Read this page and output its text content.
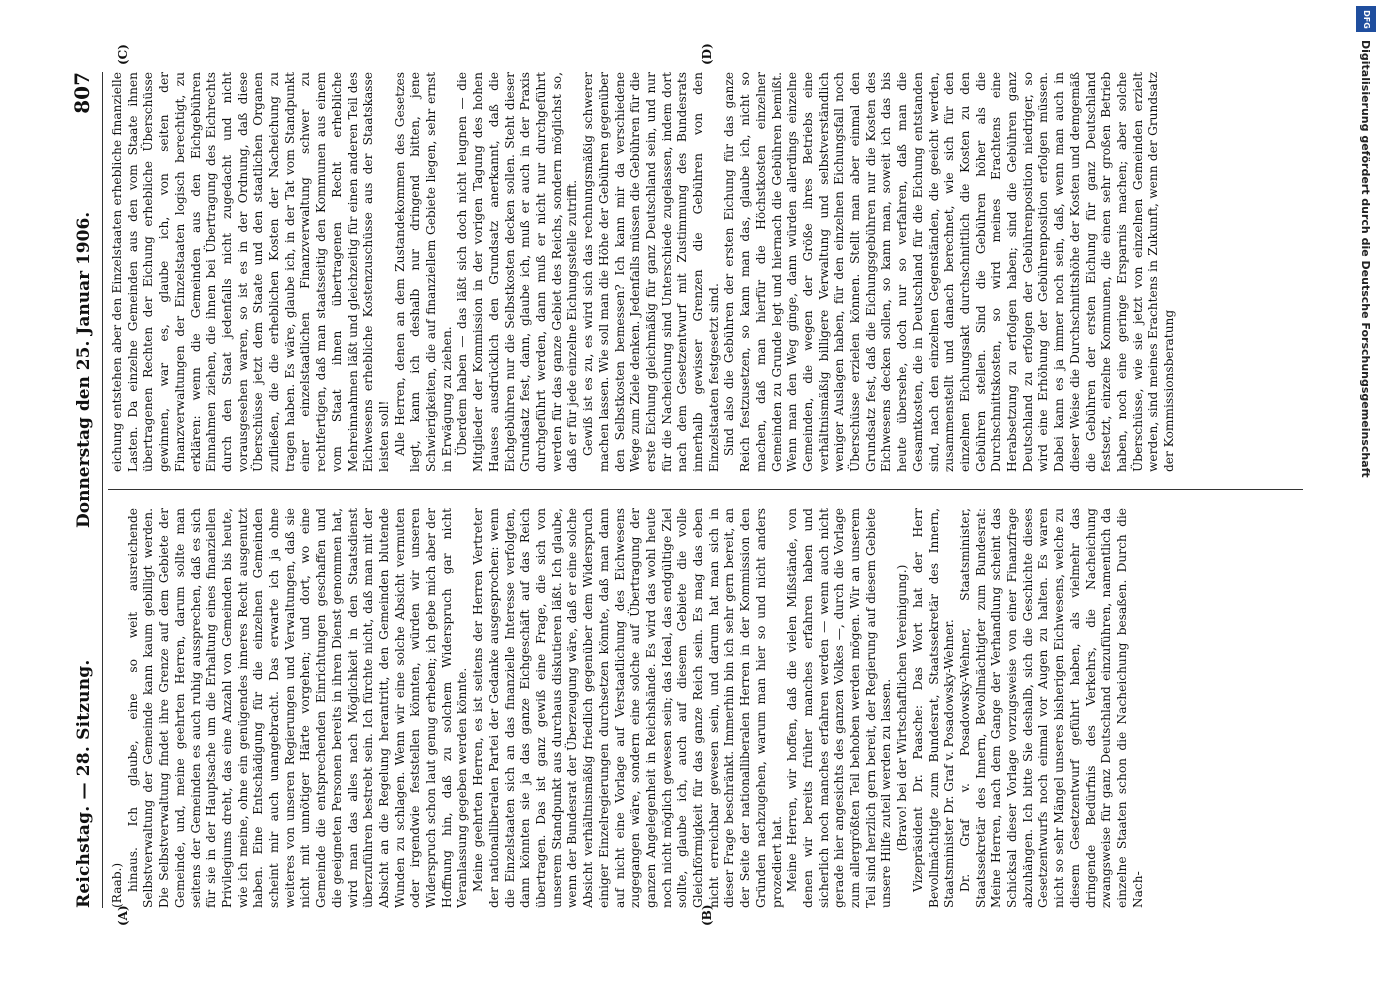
Reichstag. — 28. Sitzung.
Donnerstag den 25. Januar 1906.
807
(A)	(B)
(C)	(D)

(Raab.) hinaus. Ich glaube, eine so weit ausreichende Selbstverwaltung der Gemeinde kann kaum gebilligt werden. Die Selbstverwaltung findet ihre Grenze auf dem Gebiete der Gemeinde, und, meine geehrten Herren, darum sollte man seitens der Gemeinden es auch ruhig aussprechen, daß es sich für sie in der Hauptsache um die Erhaltung eines finanziellen Privilegiums dreht, das eine Anzahl von Gemeinden bis heute, wie ich meine, ohne ein genügendes inneres Recht ausgenutzt haben. Eine Entschädigung für die einzelnen Gemeinden scheint mir auch unangebracht. Das erwarte ich ja ohne weiteres von unseren Regierungen und Verwaltungen, daß sie nicht mit unnötiger Härte vorgehen; und dort, wo eine Gemeinde die entsprechenden Einrichtungen geschaffen und die geeigneten Personen bereits in ihren Dienst genommen hat, wird man das alles nach Möglichkeit in den Staatsdienst überzuführen bestrebt sein. Ich fürchte nicht, daß man mit der Absicht an die Regelung herantritt, den Gemeinden blutende Wunden zu schlagen. Wenn wir eine solche Absicht vermuten oder irgendwie feststellen könnten, würden wir unseren Widerspruch schon laut genug erheben; ich gebe mich aber der Hoffnung hin, daß zu solchem Widerspruch gar nicht Veranlassung gegeben werden könnte. Meine geehrten Herren, es ist seitens der Herren Vertreter der nationalliberalen Partei der Gedanke ausgesprochen: wenn die Einzelstaaten sich an das finanzielle Interesse verfolgten, dann könnten sie ja das ganze Eichgeschäft auf das Reich übertragen. Das ist ganz gewiß eine Frage, die sich von unserem Standpunkt aus durchaus diskutieren läßt. Ich glaube, wenn der Bundesrat der Überzeugung wäre, daß er eine solche Absicht verhältnismäßig friedlich gegenüber dem Widerspruch einiger Einzelregierungen durchsetzen könnte, daß man dann auf nicht eine Vorlage auf Verstaatlichung des Eichwesens zugegangen wäre, sondern eine solche auf Übertragung der ganzen Angelegenheit in Reichshände. Es wird das wohl heute noch nicht möglich gewesen sein; das Ideal, das endgültige Ziel sollte, glaube ich, auch auf diesem Gebiete die volle Gleichförmigkeit für das ganze Reich sein. Es mag das eben nicht erreichbar gewesen sein, und darum hat man sich in dieser Frage beschränkt. Immerhin bin ich sehr gern bereit, an der Seite der nationalliberalen Herren in der Kommission den Gründen nachzugehen, warum man hier so und nicht anders prozediert hat. Meine Herren, wir hoffen, daß die vielen Mißstände, von denen wir bereits früher manches erfahren haben und sicherlich noch manches erfahren werden — wenn auch nicht gerade hier angesichts des ganzen Volkes —, durch die Vorlage zum allergrößten Teil behoben werden mögen. Wir an unserem Teil sind herzlich gern bereit, der Regierung auf diesem Gebiete unsere Hilfe zuteil werden zu lassen. (Bravo! bei der Wirtschaftlichen Vereinigung.) Vizepräsident Dr. Paasche: Das Wort hat der Herr Bevollmächtigte zum Bundesrat, Staatssekretär des Innern, Staatsminister Dr. Graf v. Posadowsky-Wehner. Dr. Graf v. Posadowsky-Wehner, Staatsminister, Staatssekretär des Innern, Bevollmächtigter zum Bundesrat: Meine Herren, nach dem Gange der Verhandlung scheint das Schicksal dieser Vorlage vorzugsweise von einer Finanzfrage abzuhängen. Ich bitte Sie deshalb, sich die Geschichte dieses Gesetzentwurfs noch einmal vor Augen zu halten. Es waren nicht so sehr Mängel unseres bisherigen Eichwesens, welche zu diesem Gesetzentwurf geführt haben, als vielmehr das dringende Bedürfnis des Verkehrs, die Nacheichung zwangsweise für ganz Deutschland einzuführen, namentlich da einzelne Staaten schon die Nacheichung besaßen. Durch die Nach-

eichung entstehen aber den Einzelstaaten erhebliche finanzielle Lasten. Da einzelne Gemeinden aus den vom Staate ihnen übertragenen Rechten der Eichung erhebliche Überschüsse gewinnen, war es, glaube ich, von seiten der Finanzverwaltungen der Einzelstaaten logisch berechtigt, zu erklären: wenn die Gemeinden aus den Eichgebühren Einnahmen ziehen, die ihnen bei Übertragung des Eichrechts durch den Staat jedenfalls nicht zugedacht und nicht vorausgesehen waren, so ist es in der Ordnung, daß diese Überschüsse jetzt dem Staate und den staatlichen Organen zufließen, die die erheblichen Kosten der Nacheichung zu tragen haben. Es wäre, glaube ich, in der Tat vom Standpunkt einer einzelstaatlichen Finanzverwaltung schwer zu rechtfertigen, daß man staatsseitig den Kommunen aus einem vom Staat ihnen übertragenen Recht erhebliche Mehreinnahmen läßt und gleichzeitig für einen anderen Teil des Eichwesens erhebliche Kostenzuschüsse aus der Staatskasse leisten soll! Alle Herren, denen an dem Zustandekommen des Gesetzes liegt, kann ich deshalb nur dringend bitten, jene Schwierigkeiten, die auf finanziellem Gebiete liegen, sehr ernst in Erwägung zu ziehen. Überdem haben — das läßt sich doch nicht leugnen — die Mitglieder der Kommission in der vorigen Tagung des hohen Hauses ausdrücklich den Grundsatz anerkannt, daß die Eichgebühren nur die Selbstkosten decken sollen. Steht dieser Grundsatz fest, dann, glaube ich, muß er auch in der Praxis durchgeführt werden, dann muß er nicht nur durchgeführt werden für das ganze Gebiet des Reichs, sondern möglichst so, daß er für jede einzelne Eichungsstelle zutrifft. Gewiß ist es zu, es wird sich das rechnungsmäßig schwerer machen lassen. Wie soll man die Höhe der Gebühren gegenüber den Selbstkosten bemessen? Ich kann mir da verschiedene Wege zum Ziele denken. Jedenfalls müssen die Gebühren für die erste Eichung gleichmäßig für ganz Deutschland sein, und nur für die Nacheichung sind Unterschiede zugelassen, indem dort nach dem Gesetzentwurf mit Zustimmung des Bundesrats innerhalb gewisser Grenzen die Gebühren von den Einzelstaaten festgesetzt sind. Sind also die Gebühren der ersten Eichung für das ganze Reich festzusetzen, so kann man das, glaube ich, nicht so machen, daß man hierfür die Höchstkosten einzelner Gemeinden zu Grunde legt und hiernach die Gebühren bemißt. Wenn man den Weg ginge, dann würden allerdings einzelne Gemeinden, die wegen der Größe ihres Betriebs eine verhältnismäßig billigere Verwaltung und selbstverständlich weniger Auslagen haben, für den einzelnen Eichungsfall noch Überschüsse erzielen können. Stellt man aber einmal den Grundsatz fest, daß die Eichungsgebühren nur die Kosten des Eichwesens decken sollen, so kann man, soweit ich das bis heute übersehe, doch nur so verfahren, daß man die Gesamtkosten, die in Deutschland für die Eichung entstanden sind, nach den einzelnen Gegenständen, die geeicht werden, zusammenstellt und danach berechnet, wie sich für den einzelnen Eichungsakt durchschnittlich die Kosten zu den Gebühren stellen. Sind die Gebühren höher als die Durchschnittskosten, so wird meines Erachtens eine Herabsetzung zu erfolgen haben; sind die Gebühren ganz Deutschland zu erfolgen der Gebührenposition niedriger, so wird eine Erhöhung der Gebührenposition erfolgen müssen. Dabei kann es ja immer noch sein, daß, wenn man auch in dieser Weise die Durchschnittshöhe der Kosten und demgemäß die Gebühren der ersten Eichung für ganz Deutschland festsetzt, einzelne Kommunen, die einen sehr großen Betrieb haben, noch eine geringe Ersparnis machen; aber solche Überschüsse, wie sie jetzt von einzelnen Gemeinden erzielt werden, sind meines Erachtens in Zukunft, wenn der Grundsatz der Kommissionsberatung

DFG
Digitalisierung gefördert durch die Deutsche Forschungsgemeinschaft
